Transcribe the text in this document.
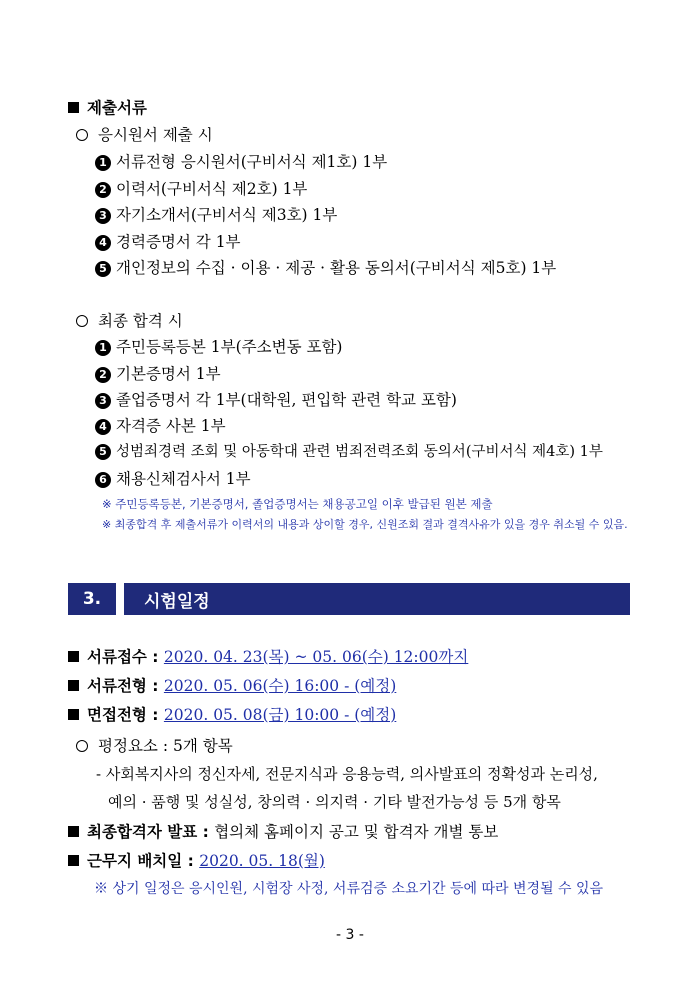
제출서류
응시원서 제출 시
1 서류전형 응시원서(구비서식 제1호) 1부
2 이력서(구비서식 제2호) 1부
3 자기소개서(구비서식 제3호) 1부
4 경력증명서 각 1부
5 개인정보의 수집 · 이용 · 제공 · 활용 동의서(구비서식 제5호) 1부
최종 합격 시
1 주민등록등본 1부(주소변동 포함)
2 기본증명서 1부
3 졸업증명서 각 1부(대학원, 편입학 관련 학교 포함)
4 자격증 사본 1부
5 성범죄경력 조회 및 아동학대 관련 범죄전력조회 동의서(구비서식 제4호) 1부
6 채용신체검사서 1부
※ 주민등록등본, 기본증명서, 졸업증명서는 채용공고일 이후 발급된 원본 제출
※ 최종합격 후 제출서류가 이력서의 내용과 상이할 경우, 신원조회 결과 결격사유가 있을 경우 취소될 수 있음.
3.	시험일정
서류접수 : 2020. 04. 23(목) ~ 05. 06(수) 12:00까지
서류전형 : 2020. 05. 06(수) 16:00 - (예정)
면접전형 : 2020. 05. 08(금) 10:00 - (예정)
평정요소 : 5개 항목
- 사회복지사의 정신자세, 전문지식과 응용능력, 의사발표의 정확성과 논리성,
예의 · 품행 및 성실성, 창의력 · 의지력 · 기타 발전가능성 등 5개 항목
최종합격자 발표 : 협의체 홈페이지 공고 및 합격자 개별 통보
근무지 배치일 : 2020. 05. 18(월)
※ 상기 일정은 응시인원, 시험장 사정, 서류검증 소요기간 등에 따라 변경될 수 있음
- 3 -
